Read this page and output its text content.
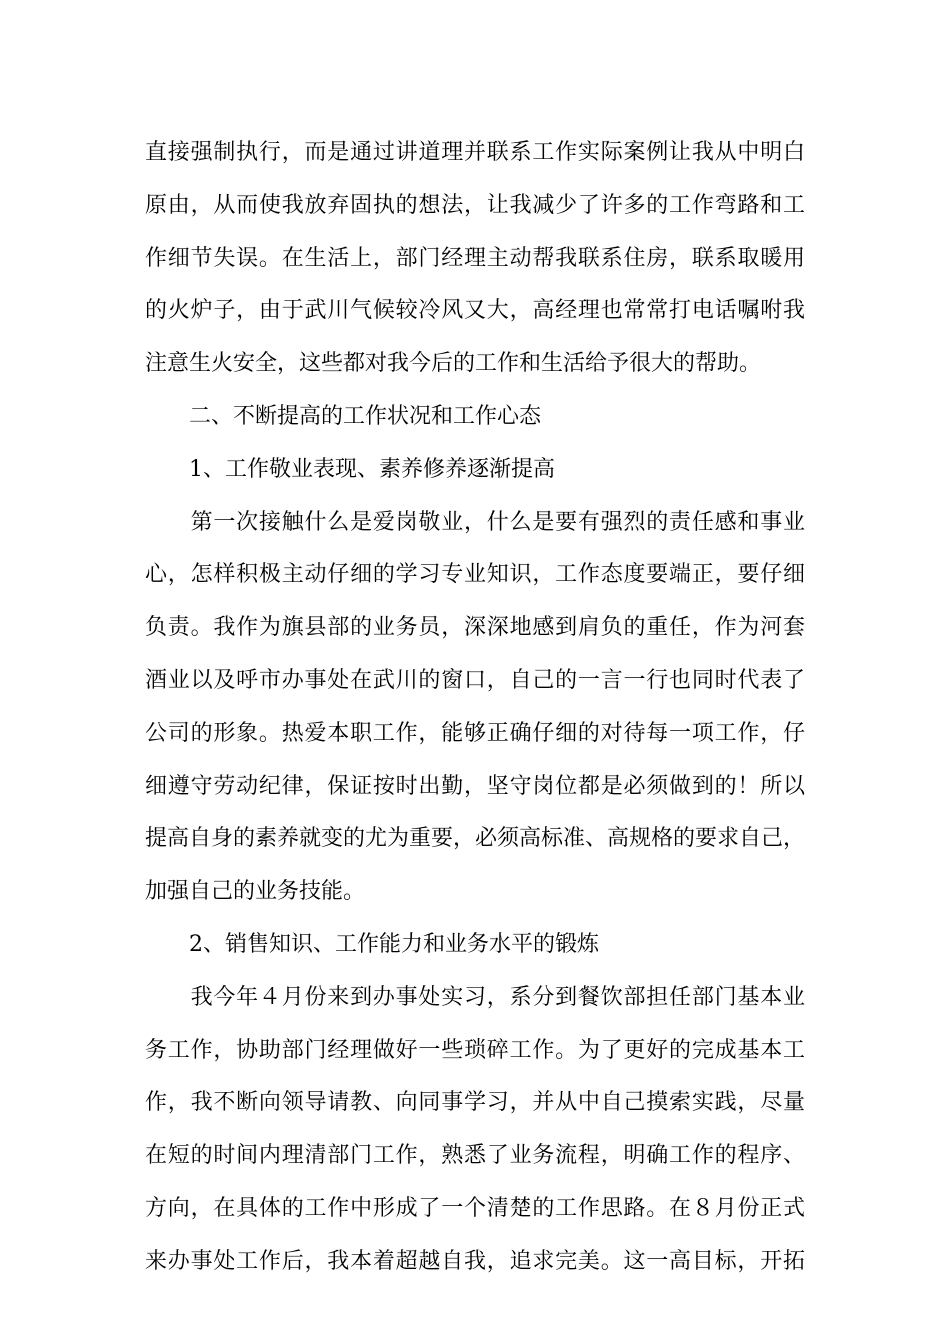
直接强制执行，而是通过讲道理并联系工作实际案例让我从中明白
原由，从而使我放弃固执的想法，让我减少了许多的工作弯路和工
作细节失误。在生活上，部门经理主动帮我联系住房，联系取暖用
的火炉子，由于武川气候较冷风又大，高经理也常常打电话嘱咐我
注意生火安全，这些都对我今后的工作和生活给予很大的帮助。
　　二、不断提高的工作状况和工作心态
　　1、工作敬业表现、素养修养逐渐提高
　　第一次接触什么是爱岗敬业，什么是要有强烈的责任感和事业
心，怎样积极主动仔细的学习专业知识，工作态度要端正，要仔细
负责。我作为旗县部的业务员，深深地感到肩负的重任，作为河套
酒业以及呼市办事处在武川的窗口，自己的一言一行也同时代表了
公司的形象。热爱本职工作，能够正确仔细的对待每一项工作，仔
细遵守劳动纪律，保证按时出勤，坚守岗位都是必须做到的！所以
提高自身的素养就变的尤为重要，必须高标准、高规格的要求自己，
加强自己的业务技能。
　　2、销售知识、工作能力和业务水平的锻炼
　　我今年４月份来到办事处实习，系分到餐饮部担任部门基本业
务工作，协助部门经理做好一些琐碎工作。为了更好的完成基本工
作，我不断向领导请教、向同事学习，并从中自己摸索实践，尽量
在短的时间内理清部门工作，熟悉了业务流程，明确工作的程序、
方向，在具体的工作中形成了一个清楚的工作思路。在８月份正式
来办事处工作后，我本着超越自我，追求完美。这一高目标，开拓
